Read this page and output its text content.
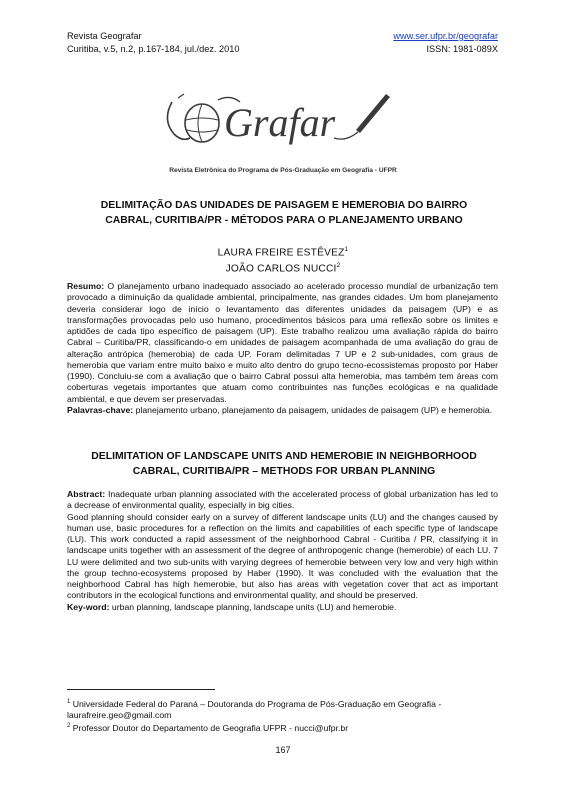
Revista Geografar
Curitiba, v.5, n.2, p.167-184, jul./dez. 2010
www.ser.ufpr.br/geografar
ISSN: 1981-089X
Grafar
Revista Eletrônica do Programa de Pós-Graduação em Geografia - UFPR
DELIMITAÇÃO DAS UNIDADES DE PAISAGEM E HEMEROBIA DO BAIRRO
CABRAL, CURITIBA/PR - MÉTODOS PARA O PLANEJAMENTO URBANO
LAURA FREIRE ESTÊVEZ$^1$
JOÃO CARLOS NUCCI$^2$

Resumo: O planejamento urbano inadequado associado ao acelerado processo mundial de urbanização tem provocado a diminuição da qualidade ambiental, principalmente, nas grandes cidades. Um bom planejamento deveria considerar logo de início o levantamento das diferentes unidades da paisagem (UP) e as transformações provocadas pelo uso humano, procedimentos básicos para uma reflexão sobre os limites e aptidões de cada tipo específico de paisagem (UP). Este trabalho realizou uma avaliação rápida do bairro Cabral – Curitiba/PR, classificando-o em unidades de paisagem acompanhada de uma avaliação do grau de alteração antrópica (hemerobia) de cada UP. Foram delimitadas 7 UP e 2 sub-unidades, com graus de hemerobia que variam entre muito baixo e muito alto dentro do grupo tecno-ecossistemas proposto por Haber (1990). Concluiu-se com a avaliação que o bairro Cabral possui alta hemerobia, mas também tem áreas com coberturas vegetais importantes que atuam como contribuintes nas funções ecológicas e na qualidade ambiental, e que devem ser preservadas.

Palavras-chave: planejamento urbano, planejamento da paisagem, unidades de paisagem (UP) e hemerobia.

DELIMITATION OF LANDSCAPE UNITS AND HEMEROBIE IN NEIGHBORHOOD
CABRAL, CURITIBA/PR – METHODS FOR URBAN PLANNING

Abstract: Inadequate urban planning associated with the accelerated process of global urbanization has led to a decrease of environmental quality, especially in big cities.

Good planning should consider early on a survey of different landscape units (LU) and the changes caused by human use, basic procedures for a reflection on the limits and capabilities of each specific type of landscape (LU). This work conducted a rapid assessment of the neighborhood Cabral - Curitiba / PR, classifying it in landscape units together with an assessment of the degree of anthropogenic change (hemerobie) of each LU. 7 LU were delimited and two sub-units with varying degrees of hemerobie between very low and very high within the group techno-ecosystems proposed by Haber (1990). It was concluded with the evaluation that the neighborhood Cabral has high hemerobie, but also has areas with vegetation cover that act as important contributors in the ecological functions and environmental quality, and should be preserved.

Key-word: urban planning, landscape planning, landscape units (LU) and hemerobie.

$^1$ Universidade Federal do Paraná – Doutoranda do Programa de Pós-Graduação em Geografia - laurafreire.geo@gmail.com

$^2$ Professor Doutor do Departamento de Geografia UFPR - nucci@ufpr.br

167
